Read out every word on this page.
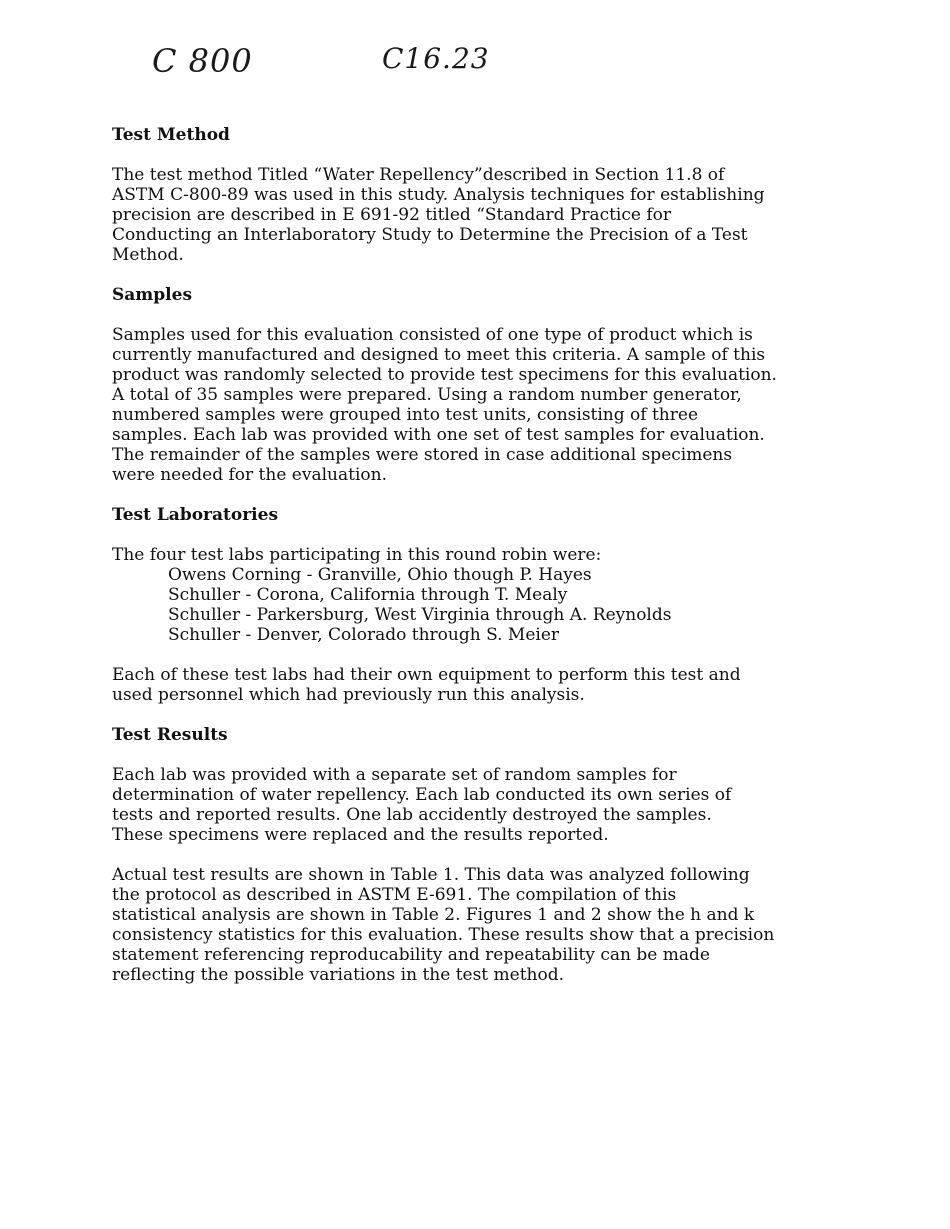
C 800	C16.23
Test Method

The test method Titled “Water Repellency”described in Section 11.8 of
ASTM C-800-89 was used in this study. Analysis techniques for establishing
precision are described in E 691-92 titled “Standard Practice for
Conducting an Interlaboratory Study to Determine the Precision of a Test
Method.

Samples

Samples used for this evaluation consisted of one type of product which is
currently manufactured and designed to meet this criteria. A sample of this
product was randomly selected to provide test specimens for this evaluation.
A total of 35 samples were prepared. Using a random number generator,
numbered samples were grouped into test units, consisting of three
samples. Each lab was provided with one set of test samples for evaluation.
The remainder of the samples were stored in case additional specimens
were needed for the evaluation.

Test Laboratories

The four test labs participating in this round robin were:
Owens Corning - Granville, Ohio though P. Hayes
Schuller - Corona, California through T. Mealy
Schuller - Parkersburg, West Virginia through A. Reynolds
Schuller - Denver, Colorado through S. Meier

Each of these test labs had their own equipment to perform this test and
used personnel which had previously run this analysis.

Test Results

Each lab was provided with a separate set of random samples for
determination of water repellency. Each lab conducted its own series of
tests and reported results. One lab accidently destroyed the samples.
These specimens were replaced and the results reported.

Actual test results are shown in Table 1. This data was analyzed following
the protocol as described in ASTM E-691. The compilation of this
statistical analysis are shown in Table 2. Figures 1 and 2 show the h and k
consistency statistics for this evaluation. These results show that a precision
statement referencing reproducability and repeatability can be made
reflecting the possible variations in the test method.
